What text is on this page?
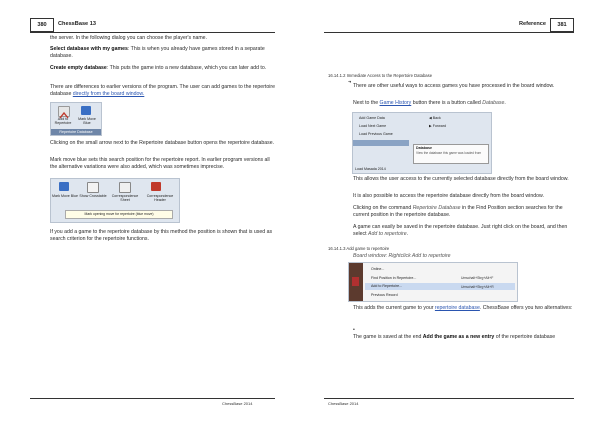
380	ChessBase 13
the server. In the following dialog you can choose the player's name.
Select database with my games: This is when you already have games stored in a separate database.
Create empty database: This puts the game into a new database, which you can later add to.
There are differences to earlier versions of the program. The user can add games to the repertoire database directly from the board window.
Add to Repertoire
Mark Move Blue
Repertoire Database
Clicking on the small arrow next to the Repertoire database button opens the repertoire database.
Mark move blue sets this search position for the repertoire report. In earlier program versions all the alternative variations were also added, which was sometimes imprecise.
Mark Move Blue Show Crosstable	Correspondence Sheet
Correspondence Header
Mark opening move for repertoire (blue move)
If you add a game to the repertoire database by this method the position is shown that is used as search criterion for the repertoire functions.
ChessBase 2014
Reference	381
16.14.1.2 Immediate Access to the Repertoire Database
➜
There are other useful ways to access games you have processed in the board window.
Next to the Game History button there is a button called Database.
Add Game Data
Load Next Game
Load Previous Game
◀ Back
▶ Forward
Database
View the database this game was loaded from
Load Masada 2014
This allows the user access to the currently selected database directly from the board window.
It is also possible to access the repertoire database directly from the board window.
Clicking on the command Repertoire Database in the Find Position section searches for the current position in the repertoire database.
A game can easily be saved in the repertoire database. Just right click on the board, and then select Add to repertoire.
16.14.1.3 Add game to repertoire
Board window: Rightclick Add to repertoire
Online...
Find Position in Repertoire...	Umschalt+Strg+Alt+F
Add to Repertoire...	Umschalt+Strg+Alt+R
Previous Record
This adds the current game to your repertoire database. ChessBase offers you two alternatives:
•
The game is saved at the end Add the game as a new entry of the repertoire database
ChessBase 2014
